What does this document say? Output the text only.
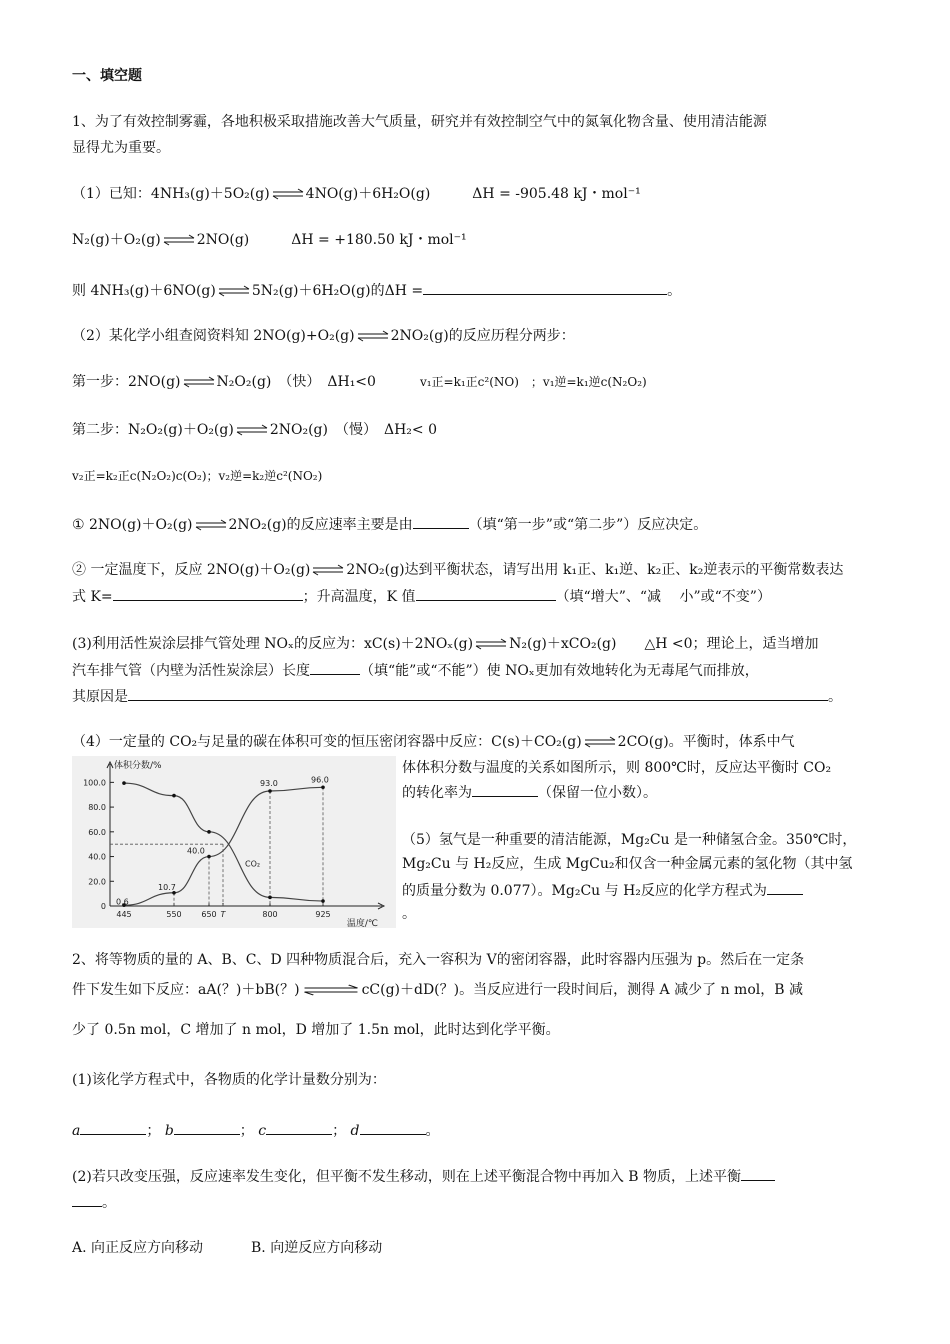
一、填空题
1、为了有效控制雾霾，各地积极采取措施改善大气质量，研究并有效控制空气中的氮氧化物含量、使用清洁能源
显得尤为重要。
（1）已知：4NH₃(g)＋5O₂(g)	4NO(g)＋6H₂O(g)	ΔH = -905.48 kJ・mol⁻¹
N₂(g)＋O₂(g)	2NO(g)	ΔH = +180.50 kJ・mol⁻¹
则 4NH₃(g)＋6NO(g)	5N₂(g)＋6H₂O(g)的ΔH =	。
（2）某化学小组查阅资料知 2NO(g)+O₂(g)	2NO₂(g)的反应历程分两步：
第一步：2NO(g)	N₂O₂(g)　（快）　ΔH₁<0	v₁正=k₁正c²(NO)　；v₁逆=k₁逆c(N₂O₂)
第二步：N₂O₂(g)＋O₂(g)	2NO₂(g)　（慢）　ΔH₂< 0
v₂正=k₂正c(N₂O₂)c(O₂)；v₂逆=k₂逆c²(NO₂)
① 2NO(g)＋O₂(g)	2NO₂(g)的反应速率主要是由	（填“第一步”或“第二步”）反应决定。
② 一定温度下，反应 2NO(g)＋O₂(g)	2NO₂(g)达到平衡状态，请写出用 k₁正、k₁逆、k₂正、k₂逆表示的平衡常数表达
式 K=	；升高温度，K 值	（填“增大”、“减　 小”或“不变”）
(3)利用活性炭涂层排气管处理 NOₓ的反应为：xC(s)＋2NOₓ(g)	N₂(g)＋xCO₂(g)　　△H <0；理论上，适当增加
汽车排气管（内壁为活性炭涂层）长度	（填“能”或“不能”）使 NOₓ更加有效地转化为无毒尾气而排放，
其原因是	。
（4）一定量的 CO₂与足量的碳在体积可变的恒压密闭容器中反应：C(s)＋CO₂(g)	2CO(g)。平衡时，体系中气
100.0
80.0
60.0
40.0
20.0
0
445	550 650 T	800	925
体积分数/%
温度/℃
0.6
10.7
40.0
93.0	96.0
CO₂
体体积分数与温度的关系如图所示，则 800℃时，反应达平衡时 CO₂
的转化率为	（保留一位小数）。
（5）氢气是一种重要的清洁能源，Mg₂Cu 是一种储氢合金。350℃时，
Mg₂Cu 与 H₂反应，生成 MgCu₂和仅含一种金属元素的氢化物（其中氢
的质量分数为 0.077）。Mg₂Cu 与 H₂反应的化学方程式为
。
2、将等物质的量的 A、B、C、D 四种物质混合后，充入一容积为 V的密闭容器，此时容器内压强为 p。然后在一定条
件下发生如下反应：aA(？)＋bB(？)	cC(g)＋dD(？)。当反应进行一段时间后，测得 A 减少了 n mol，B 减
少了 0.5n mol，C 增加了 n mol，D 增加了 1.5n mol，此时达到化学平衡。
(1)该化学方程式中，各物质的化学计量数分别为：
a	； b	； c	； d	。
(2)若只改变压强，反应速率发生变化，但平衡不发生移动，则在上述平衡混合物中再加入 B 物质，上述平衡
。
A. 向正反应方向移动	B. 向逆反应方向移动
